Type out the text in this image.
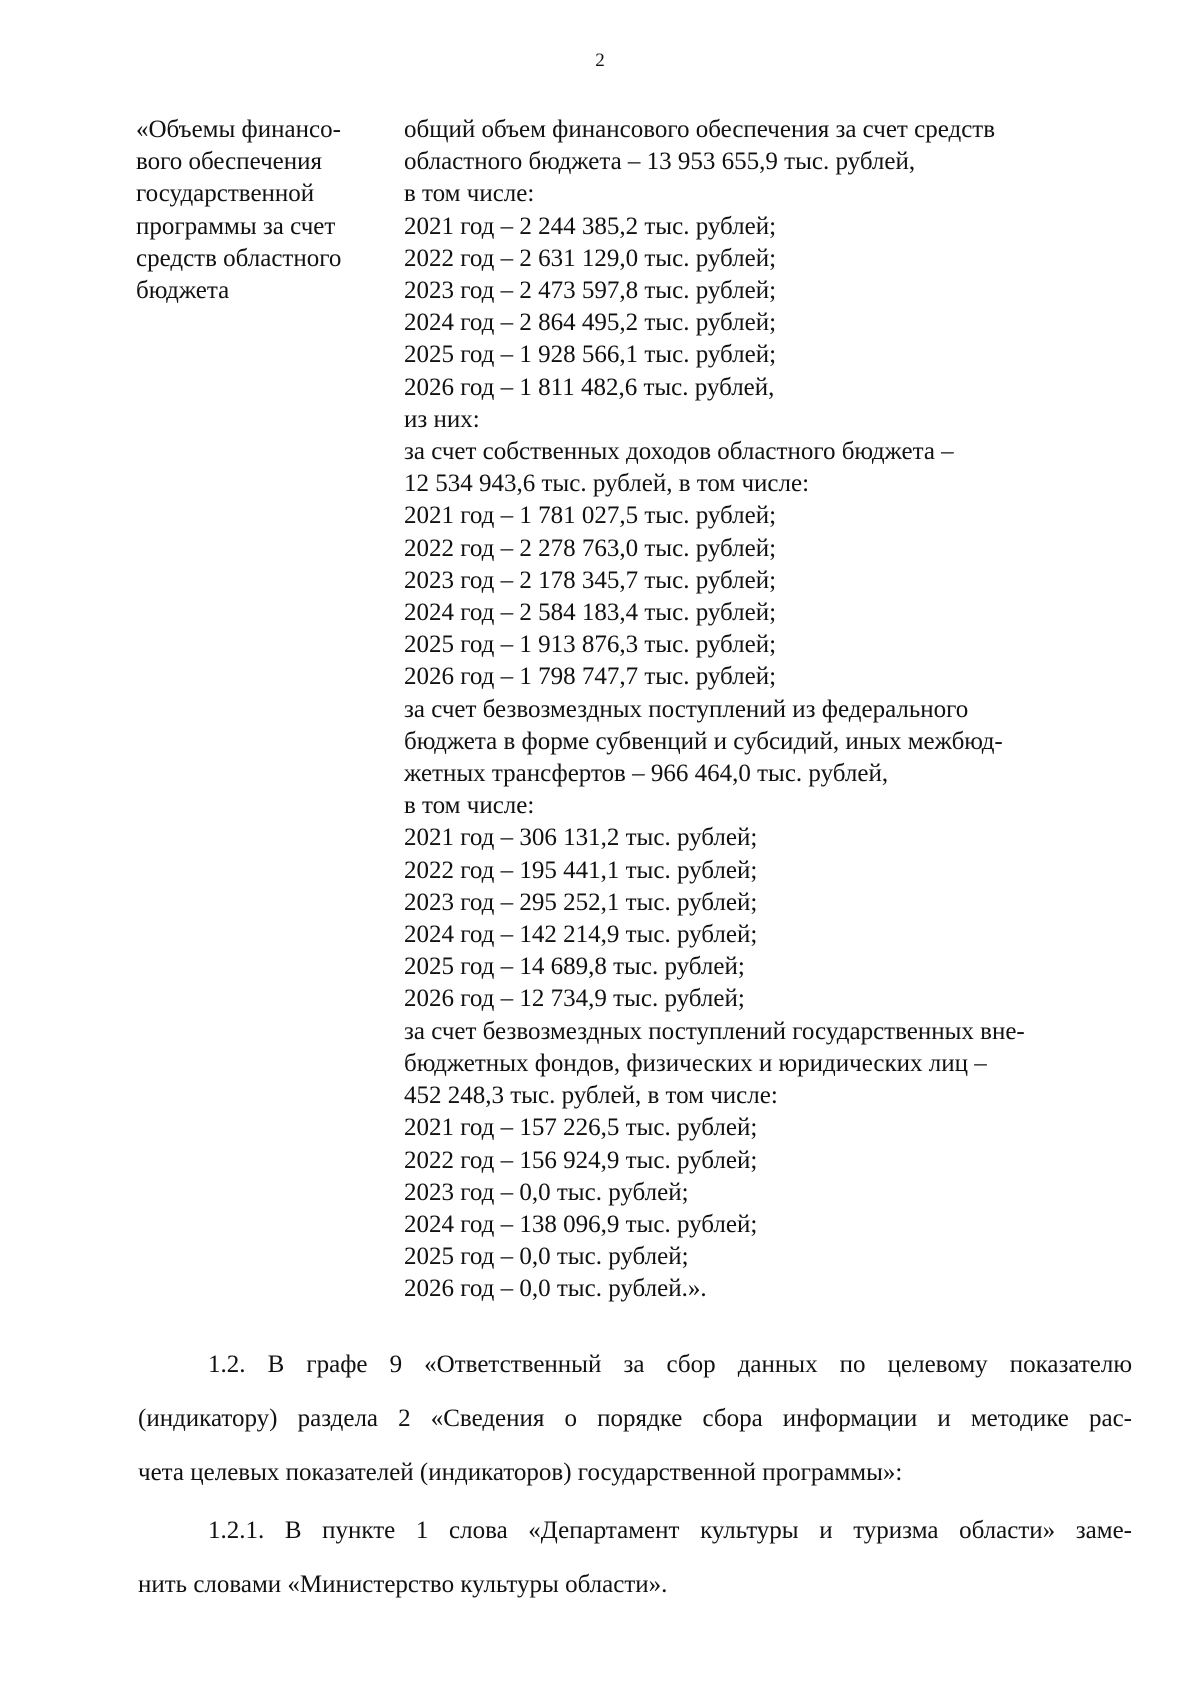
2
«Объемы финансо-
вого обеспечения
государственной
программы за счет
средств областного
бюджета
общий объем финансового обеспечения за счет средств
областного бюджета – 13 953 655,9 тыс. рублей,
в том числе:
2021 год – 2 244 385,2 тыс. рублей;
2022 год – 2 631 129,0 тыс. рублей;
2023 год – 2 473 597,8 тыс. рублей;
2024 год – 2 864 495,2 тыс. рублей;
2025 год – 1 928 566,1 тыс. рублей;
2026 год – 1 811 482,6 тыс. рублей,
из них:
за счет собственных доходов областного бюджета –
12 534 943,6 тыс. рублей, в том числе:
2021 год – 1 781 027,5 тыс. рублей;
2022 год – 2 278 763,0 тыс. рублей;
2023 год – 2 178 345,7 тыс. рублей;
2024 год – 2 584 183,4 тыс. рублей;
2025 год – 1 913 876,3 тыс. рублей;
2026 год – 1 798 747,7 тыс. рублей;
за счет безвозмездных поступлений из федерального
бюджета в форме субвенций и субсидий, иных межбюд-
жетных трансфертов – 966 464,0 тыс. рублей,
в том числе:
2021 год – 306 131,2 тыс. рублей;
2022 год – 195 441,1 тыс. рублей;
2023 год – 295 252,1 тыс. рублей;
2024 год – 142 214,9 тыс. рублей;
2025 год – 14 689,8 тыс. рублей;
2026 год – 12 734,9 тыс. рублей;
за счет безвозмездных поступлений государственных вне-
бюджетных фондов, физических и юридических лиц –
452 248,3 тыс. рублей, в том числе:
2021 год – 157 226,5 тыс. рублей;
2022 год – 156 924,9 тыс. рублей;
2023 год – 0,0 тыс. рублей;
2024 год – 138 096,9 тыс. рублей;
2025 год – 0,0 тыс. рублей;
2026 год – 0,0 тыс. рублей.».
1.2. В графе 9 «Ответственный за сбор данных по целевому показателю
(индикатору) раздела 2 «Сведения о порядке сбора информации и методике рас-
чета целевых показателей (индикаторов) государственной программы»:
1.2.1. В пункте 1 слова «Департамент культуры и туризма области» заме-
нить словами «Министерство культуры области».
